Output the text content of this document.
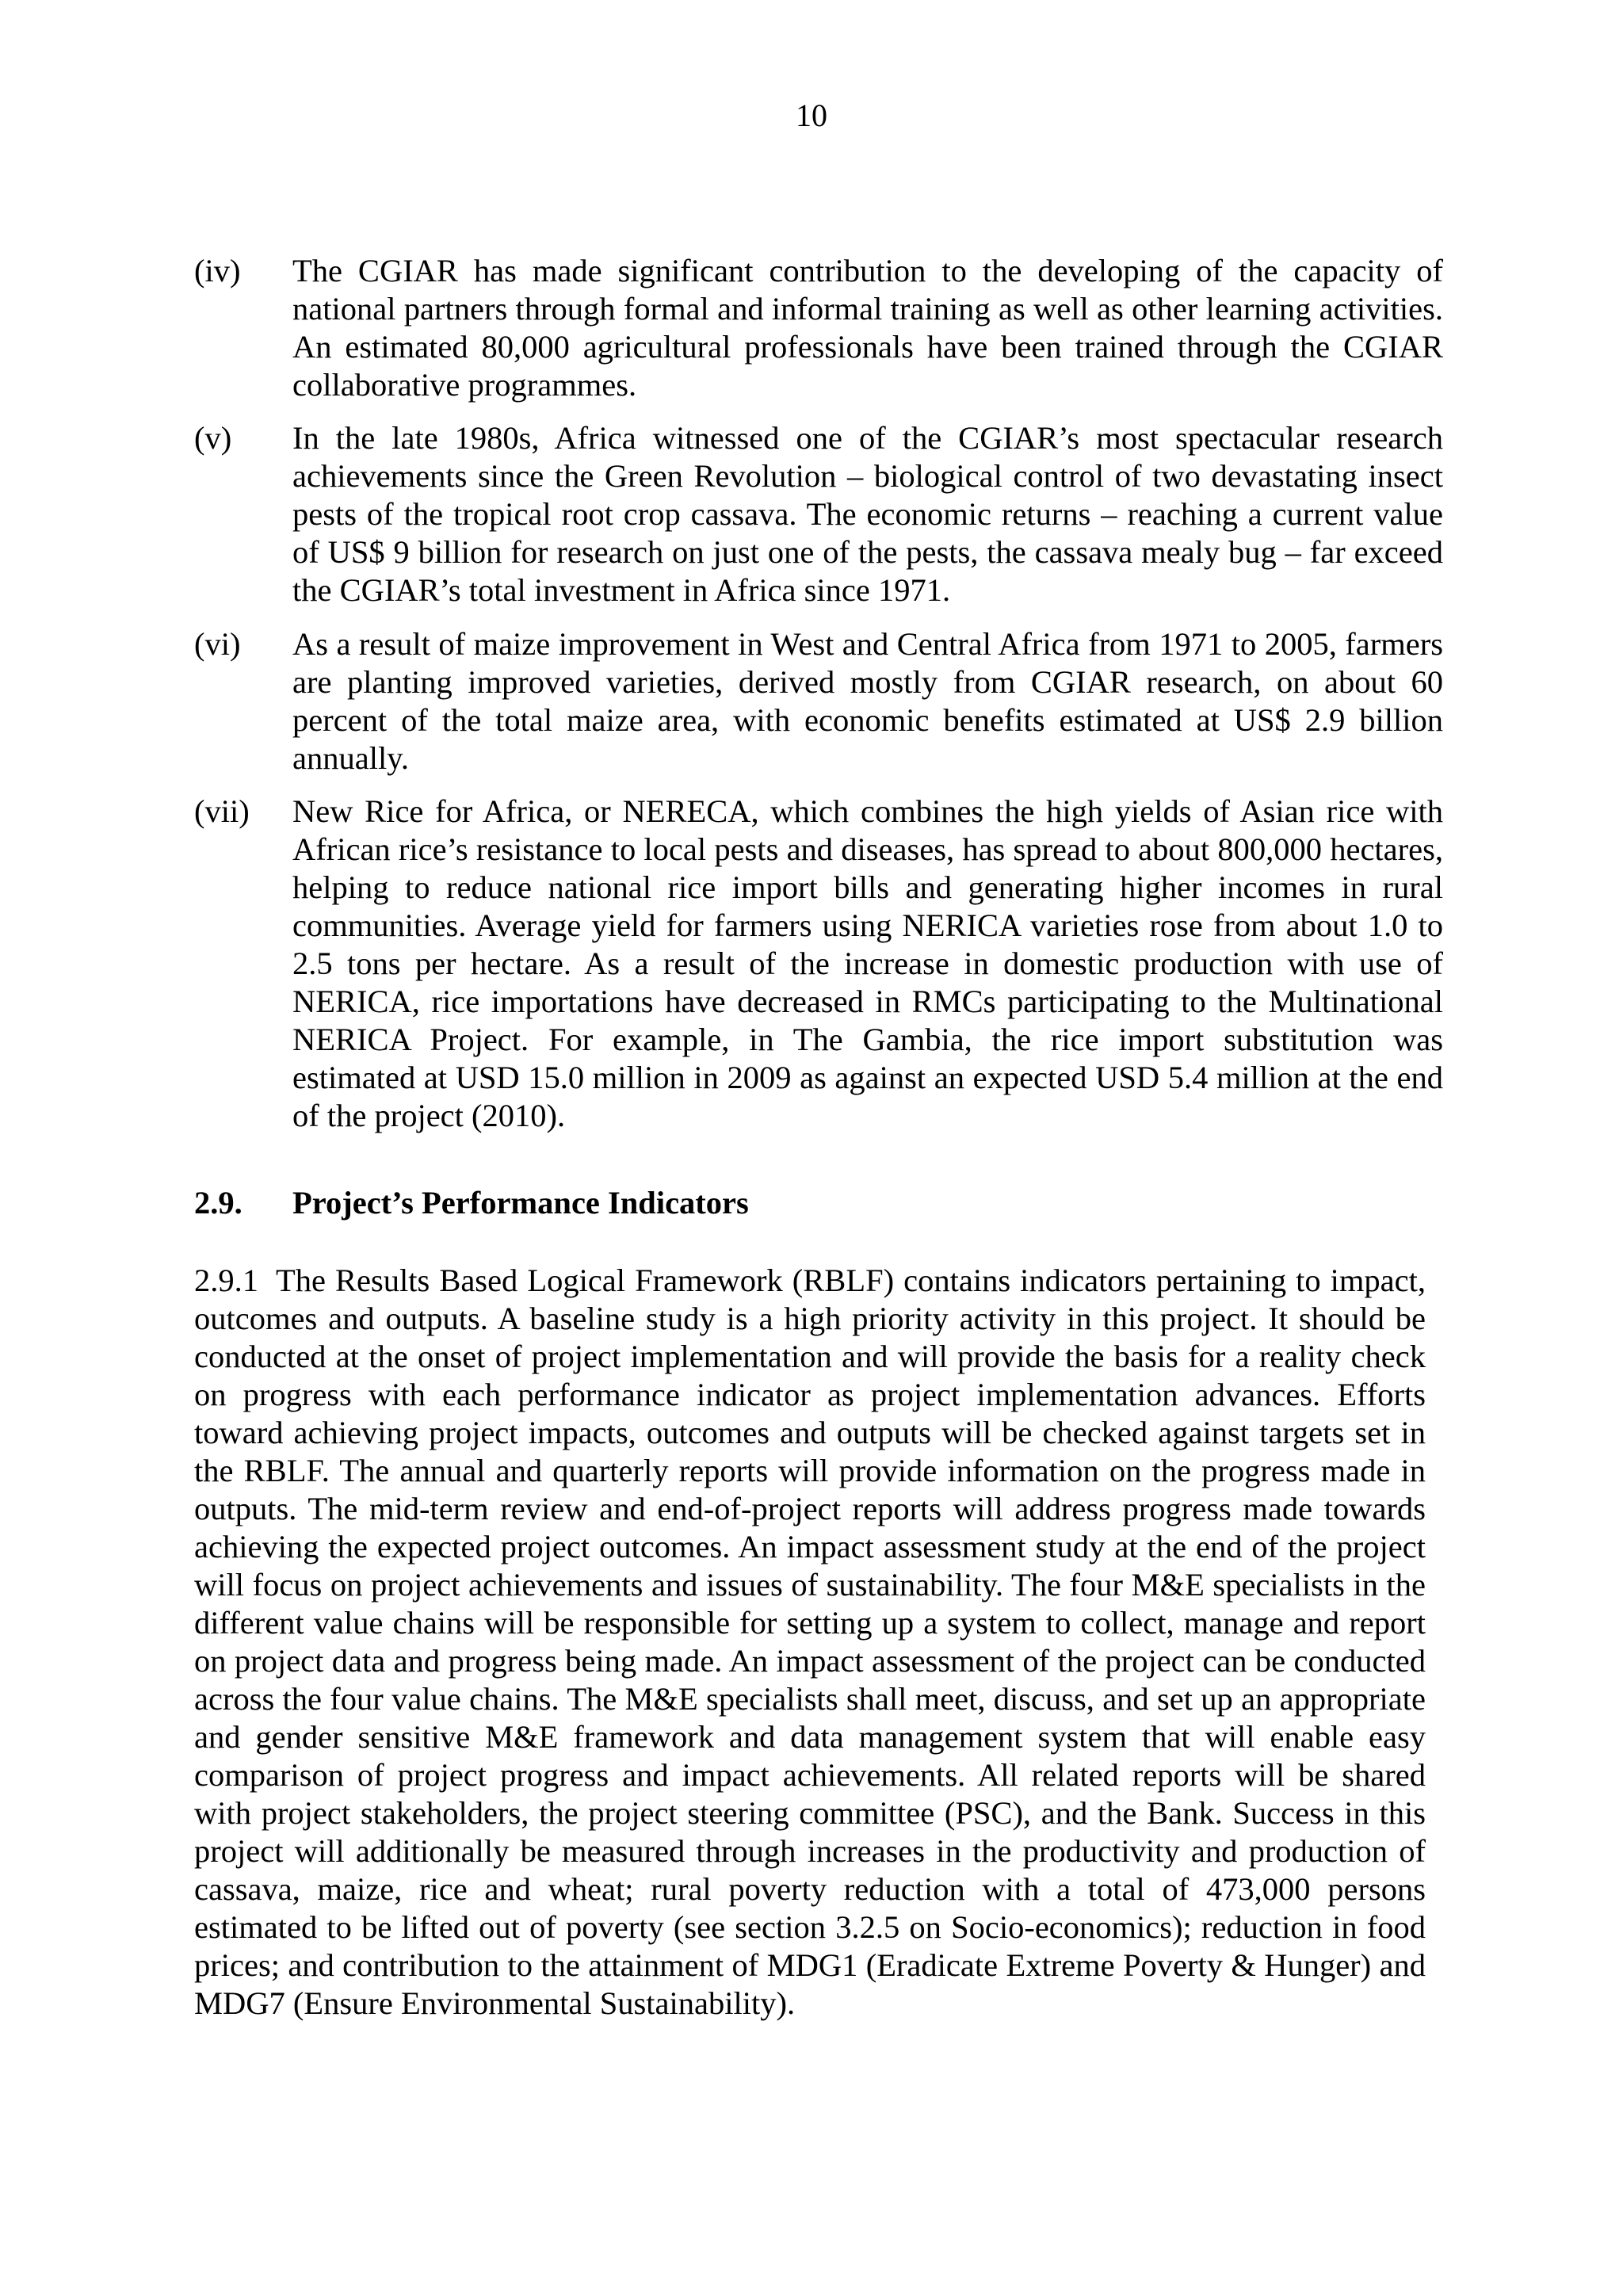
10
(iv) The CGIAR has made significant contribution to the developing of the capacity of national partners through formal and informal training as well as other learning activities. An estimated 80,000 agricultural professionals have been trained through the CGIAR collaborative programmes.

(v) In the late 1980s, Africa witnessed one of the CGIAR’s most spectacular research achievements since the Green Revolution – biological control of two devastating insect pests of the tropical root crop cassava. The economic returns – reaching a current value of US$ 9 billion for research on just one of the pests, the cassava mealy bug – far exceed the CGIAR’s total investment in Africa since 1971.

(vi) As a result of maize improvement in West and Central Africa from 1971 to 2005, farmers are planting improved varieties, derived mostly from CGIAR research, on about 60 percent of the total maize area, with economic benefits estimated at US$ 2.9 billion annually.

(vii) New Rice for Africa, or NERECA, which combines the high yields of Asian rice with African rice’s resistance to local pests and diseases, has spread to about 800,000 hectares, helping to reduce national rice import bills and generating higher incomes in rural communities. Average yield for farmers using NERICA varieties rose from about 1.0 to 2.5 tons per hectare. As a result of the increase in domestic production with use of NERICA, rice importations have decreased in RMCs participating to the Multinational NERICA Project. For example, in The Gambia, the rice import substitution was estimated at USD 15.0 million in 2009 as against an expected USD 5.4 million at the end of the project (2010).

2.9. Project’s Performance Indicators

2.9.1 The Results Based Logical Framework (RBLF) contains indicators pertaining to impact, outcomes and outputs. A baseline study is a high priority activity in this project. It should be conducted at the onset of project implementation and will provide the basis for a reality check on progress with each performance indicator as project implementation advances. Efforts toward achieving project impacts, outcomes and outputs will be checked against targets set in the RBLF. The annual and quarterly reports will provide information on the progress made in outputs. The mid-term review and end-of-project reports will address progress made towards achieving the expected project outcomes. An impact assessment study at the end of the project will focus on project achievements and issues of sustainability. The four M&E specialists in the different value chains will be responsible for setting up a system to collect, manage and report on project data and progress being made. An impact assessment of the project can be conducted across the four value chains. The M&E specialists shall meet, discuss, and set up an appropriate and gender sensitive M&E framework and data management system that will enable easy comparison of project progress and impact achievements. All related reports will be shared with project stakeholders, the project steering committee (PSC), and the Bank. Success in this project will additionally be measured through increases in the productivity and production of cassava, maize, rice and wheat; rural poverty reduction with a total of 473,000 persons estimated to be lifted out of poverty (see section 3.2.5 on Socio-economics); reduction in food prices; and contribution to the attainment of MDG1 (Eradicate Extreme Poverty & Hunger) and MDG7 (Ensure Environmental Sustainability).
